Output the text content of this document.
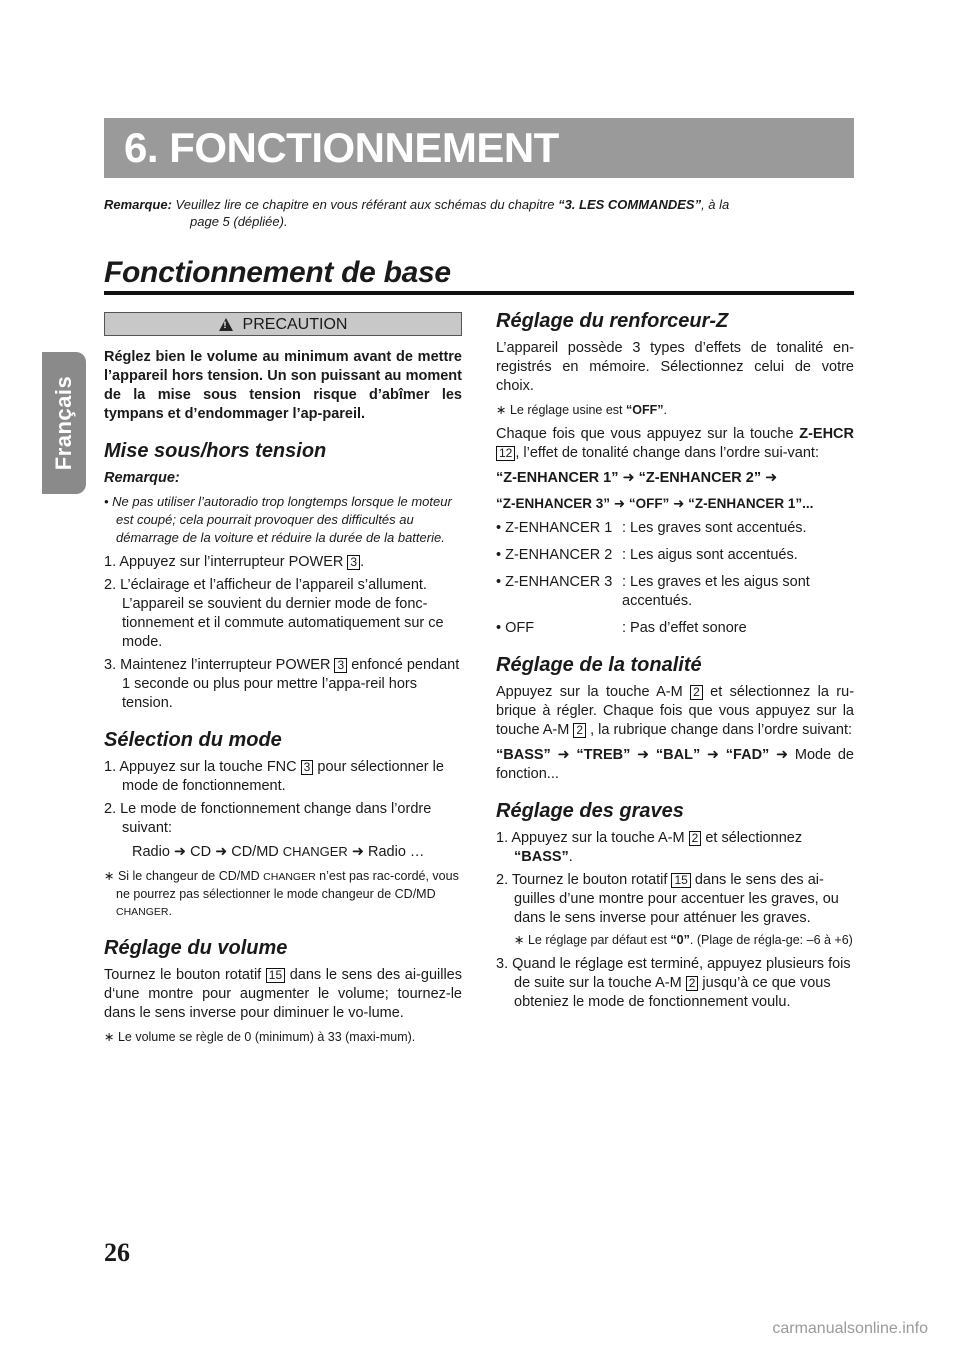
Français
6. FONCTIONNEMENT
Remarque: Veuillez lire ce chapitre en vous référant aux schémas du chapitre “3. LES COMMANDES”, à la
page 5 (dépliée).
Fonctionnement de base
!
PRECAUTION
Réglez bien le volume au minimum avant de mettre l’appareil hors tension. Un son puissant au moment de la mise sous tension risque d’abîmer les tympans et d’endommager l’ap-pareil.
Mise sous/hors tension
Remarque:
• Ne pas utiliser l’autoradio trop longtemps lorsque le moteur est coupé; cela pourrait provoquer des difficultés au démarrage de la voiture et réduire la durée de la batterie.
1. Appuyez sur l’interrupteur POWER 3 .
2. L’éclairage et l’afficheur de l’appareil s’allument. L’appareil se souvient du dernier mode de fonc-tionnement et il commute automatiquement sur ce mode.
3. Maintenez l’interrupteur POWER 3 enfoncé pendant 1 seconde ou plus pour mettre l’appa-reil hors tension.
Sélection du mode
1. Appuyez sur la touche FNC 3 pour sélectionner le mode de fonctionnement.
2. Le mode de fonctionnement change dans l’ordre suivant:
Radio ➜ CD ➜ CD/MD CHANGER ➜ Radio …
∗ Si le changeur de CD/MD CHANGER n’est pas rac-cordé, vous ne pourrez pas sélectionner le mode changeur de CD/MD CHANGER.
Réglage du volume

Tournez le bouton rotatif 15 dans le sens des ai-guilles d‘une montre pour augmenter le volume; tournez-le dans le sens inverse pour diminuer le vo-lume.

∗ Le volume se règle de 0 (minimum) à 33 (maxi-mum).
Réglage du renforceur-Z

L’appareil possède 3 types d’effets de tonalité en-registrés en mémoire. Sélectionnez celui de votre choix.

∗ Le réglage usine est “OFF”.

Chaque fois que vous appuyez sur la touche Z-EHCR 12 , l’effet de tonalité change dans l’ordre sui-vant:

“Z-ENHANCER 1” ➜ “Z-ENHANCER 2” ➜
“Z-ENHANCER 3” ➜ “OFF” ➜ “Z-ENHANCER 1”...
• Z-ENHANCER 1 : Les graves sont accentués.
• Z-ENHANCER 2 : Les aigus sont accentués.
• Z-ENHANCER 3 : Les graves et les aigus sont accentués.
• OFF	: Pas d’effet sonore
Réglage de la tonalité

Appuyez sur la touche A-M 2 et sélectionnez la ru-brique à régler. Chaque fois que vous appuyez sur la touche A-M 2 , la rubrique change dans l’ordre suivant:

“BASS” ➜ “TREB” ➜ “BAL” ➜ “FAD” ➜ Mode de fonction...

Réglage des graves
1. Appuyez sur la touche A-M 2 et sélectionnez “BASS”.
2. Tournez le bouton rotatif 15 dans le sens des ai-guilles d’une montre pour accentuer les graves, ou dans le sens inverse pour atténuer les graves.
∗ Le réglage par défaut est “0”. (Plage de régla-ge: –6 à +6)
3. Quand le réglage est terminé, appuyez plusieurs fois de suite sur la touche A-M 2 jusqu’à ce que vous obteniez le mode de fonctionnement voulu.
26
carmanualsonline.info
